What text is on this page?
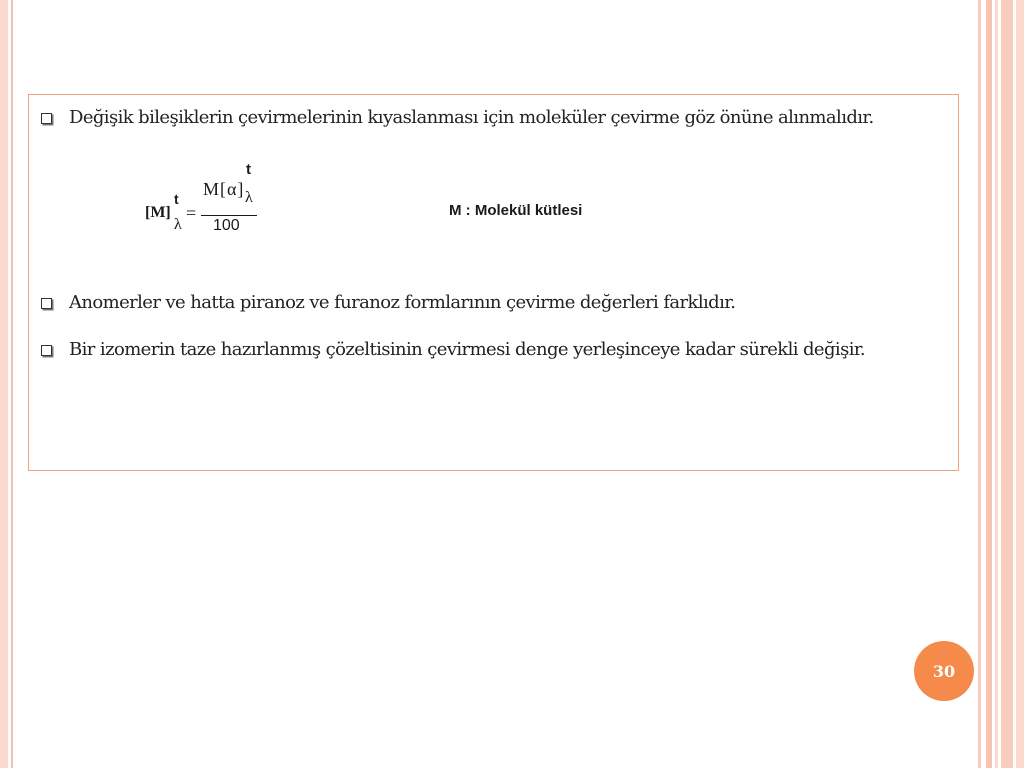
Değişik bileşiklerin çevirmelerinin kıyaslanması için moleküler çevirme göz önüne alınmalıdır.
t
M[α] λ
t
[M] =
λ 100
M : Molekül kütlesi
Anomerler ve hatta piranoz ve furanoz formlarının çevirme değerleri farklıdır.
Bir izomerin taze hazırlanmış çözeltisinin çevirmesi denge yerleşinceye kadar sürekli değişir.
30
